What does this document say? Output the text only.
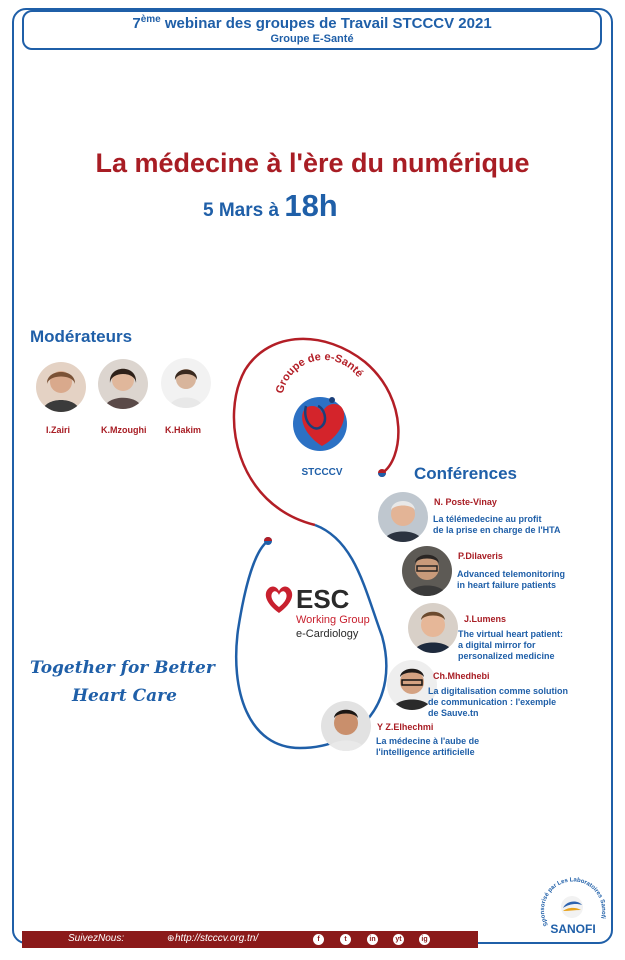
7ème webinar des groupes de Travail STCCCV 2021
Groupe E-Santé
La médecine à l'ère du numérique
5 Mars à 18h
Groupe de e-Santé
STCCCV
ESC
Working Group
e-Cardiology
Modérateurs
I.Zairi	K.Mzoughi K.Hakim
Conférences
N. Poste-Vinay
La télémedecine au profit
de la prise en charge de l'HTA
P.Dilaveris
Advanced telemonitoring
in heart failure patients
J.Lumens
The virtual heart patient:
a digital mirror for
personalized medicine
Ch.Mhedhebi
La digitalisation comme solution
de communication : l'exemple
de Sauve.tn
Y Z.Elhechmi
La médecine à l'aube de
l'intelligence artificielle
Together for Better
Heart Care
Sponsorisé par Les Laboratoires Sanofi
SANOFI
SuivezNous:	⊕ http://stcccv.org.tn/	f	t	in	yt	ig
